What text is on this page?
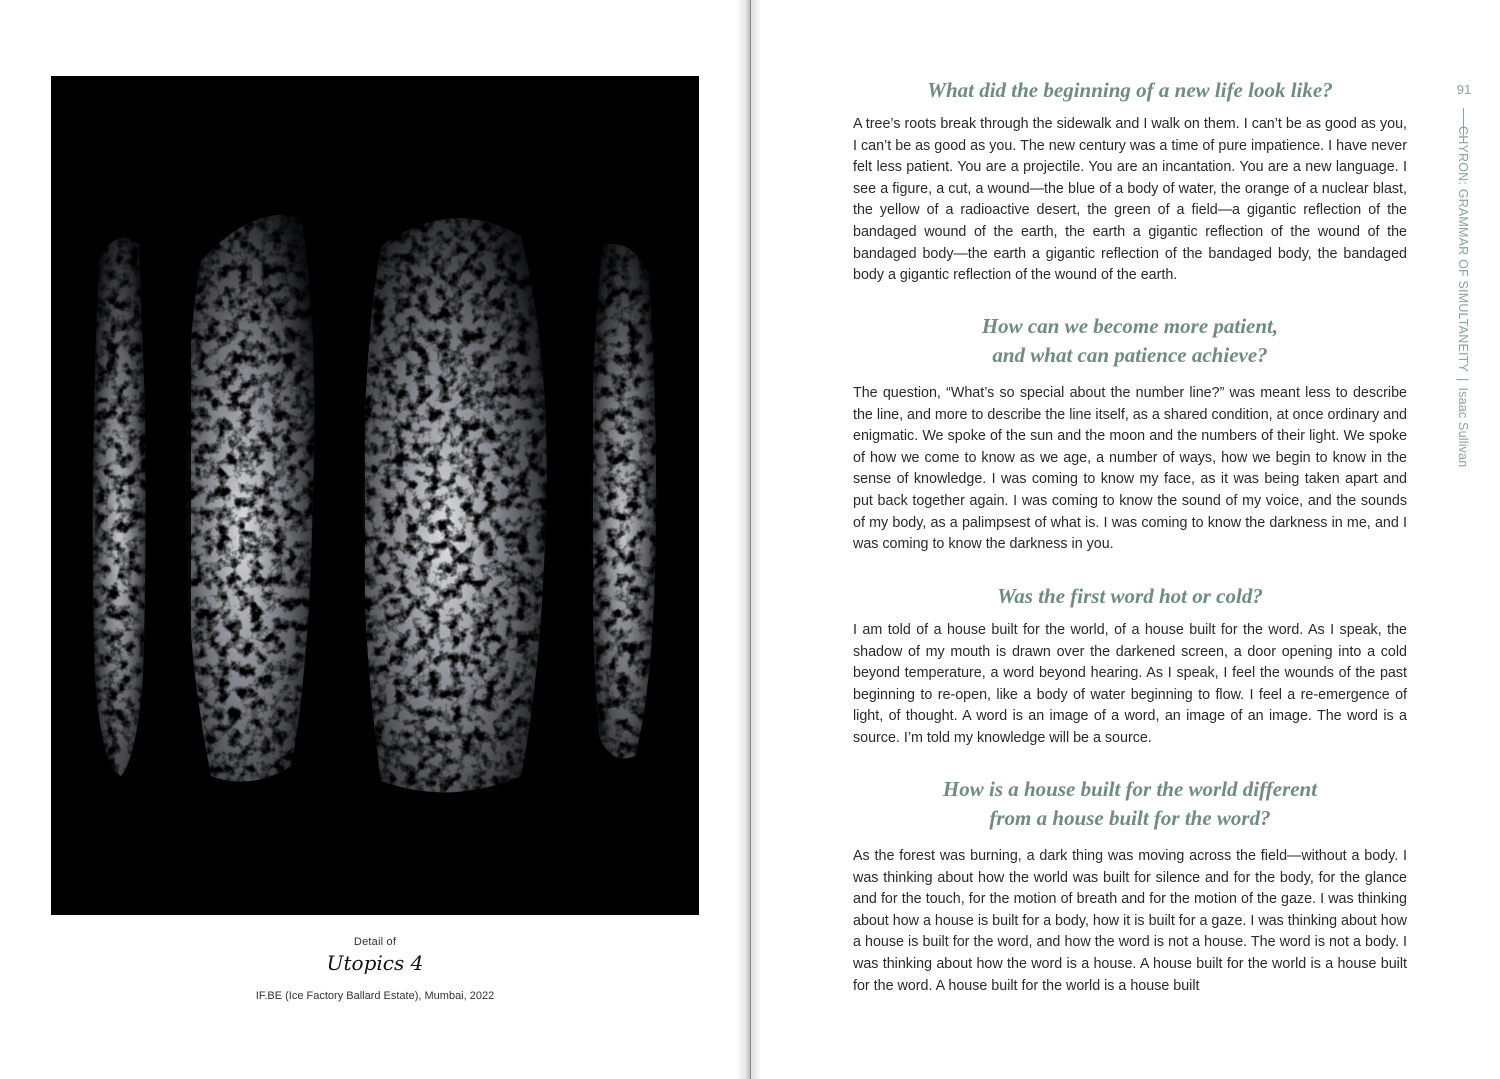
Detail of
Utopics 4
IF.BE (Ice Factory Ballard Estate), Mumbai, 2022
What did the beginning of a new life look like?

A tree’s roots break through the sidewalk and I walk on them. I can’t be as good as you, I can’t be as good as you. The new century was a time of pure impatience. I have never felt less patient. You are a projectile. You are an incantation. You are a new language. I see a figure, a cut, a wound—the blue of a body of water, the orange of a nuclear blast, the yellow of a radioactive desert, the green of a field—a gigantic reflection of the bandaged wound of the earth, the earth a gigantic reflection of the wound of the bandaged body—the earth a gigantic reflection of the bandaged body, the bandaged body a gigantic reflection of the wound of the earth.

How can we become more patient,
and what can patience achieve?

The question, “What’s so special about the number line?” was meant less to describe the line, and more to describe the line itself, as a shared condition, at once ordinary and enigmatic. We spoke of the sun and the moon and the numbers of their light. We spoke of how we come to know as we age, a number of ways, how we begin to know in the sense of knowledge. I was coming to know my face, as it was being taken apart and put back together again. I was coming to know the sound of my voice, and the sounds of my body, as a palimpsest of what is. I was coming to know the darkness in me, and I was coming to know the darkness in you.

Was the first word hot or cold?

I am told of a house built for the world, of a house built for the word. As I speak, the shadow of my mouth is drawn over the darkened screen, a door opening into a cold beyond temperature, a word beyond hearing. As I speak, I feel the wounds of the past beginning to re-open, like a body of water beginning to flow. I feel a re-emergence of light, of thought. A word is an image of a word, an image of an image. The word is a source. I’m told my knowledge will be a source.

How is a house built for the world different
from a house built for the word?

As the forest was burning, a dark thing was moving across the field—without a body. I was thinking about how the world was built for silence and for the body, for the glance and for the touch, for the motion of breath and for the motion of the gaze. I was thinking about how a house is built for a body, how it is built for a gaze. I was thinking about how a house is built for the word, and how the word is not a house. The word is not a body. I was thinking about how the word is a house. A house built for the world is a house built for the word. A house built for the world is a house built

91
CHYRON: GRAMMAR OF SIMULTANEITY|Isaac Sullivan
